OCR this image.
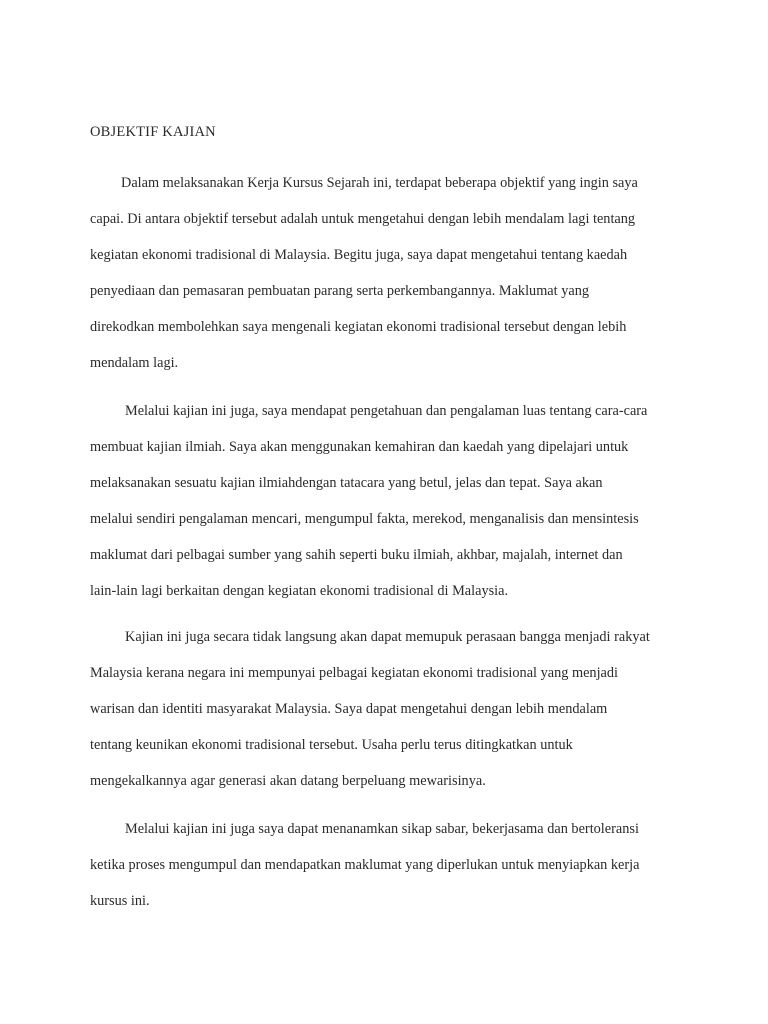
OBJEKTIF KAJIAN
Dalam melaksanakan Kerja Kursus Sejarah ini, terdapat beberapa objektif yang ingin saya
capai. Di antara objektif tersebut adalah untuk mengetahui dengan lebih mendalam lagi tentang
kegiatan ekonomi tradisional di Malaysia. Begitu juga, saya dapat mengetahui tentang kaedah
penyediaan dan pemasaran pembuatan parang serta perkembangannya. Maklumat yang
direkodkan membolehkan saya mengenali kegiatan ekonomi tradisional tersebut dengan lebih
mendalam lagi.
Melalui kajian ini juga, saya mendapat pengetahuan dan pengalaman luas tentang cara-cara
membuat kajian ilmiah. Saya akan menggunakan kemahiran dan kaedah yang dipelajari untuk
melaksanakan sesuatu kajian ilmiahdengan tatacara yang betul, jelas dan tepat. Saya akan
melalui sendiri pengalaman mencari, mengumpul fakta, merekod, menganalisis dan mensintesis
maklumat dari pelbagai sumber yang sahih seperti buku ilmiah, akhbar, majalah, internet dan
lain-lain lagi berkaitan dengan kegiatan ekonomi tradisional di Malaysia.
Kajian ini juga secara tidak langsung akan dapat memupuk perasaan bangga menjadi rakyat
Malaysia kerana negara ini mempunyai pelbagai kegiatan ekonomi tradisional yang menjadi
warisan dan identiti masyarakat Malaysia. Saya dapat mengetahui dengan lebih mendalam
tentang keunikan ekonomi tradisional tersebut. Usaha perlu terus ditingkatkan untuk
mengekalkannya agar generasi akan datang berpeluang mewarisinya.
Melalui kajian ini juga saya dapat menanamkan sikap sabar, bekerjasama dan bertoleransi
ketika proses mengumpul dan mendapatkan maklumat yang diperlukan untuk menyiapkan kerja
kursus ini.
